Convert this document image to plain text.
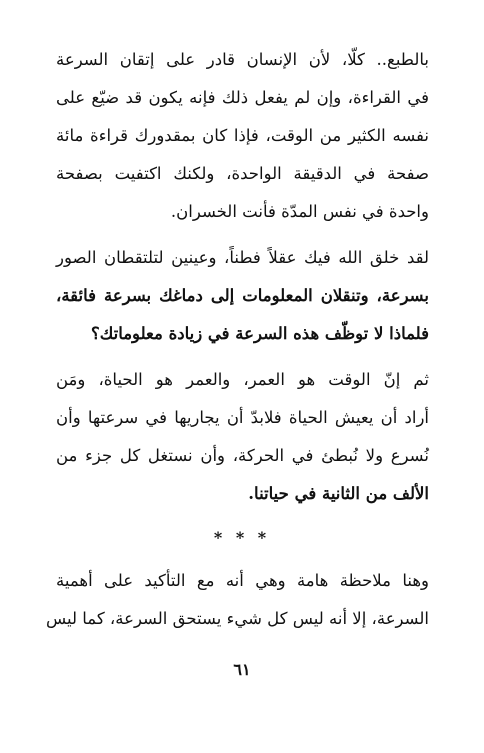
بالطبع.. كلّا، لأن الإنسان قادر على إتقان السرعة
في القراءة، وإن لم يفعل ذلك فإنه يكون قد ضيّع على
نفسه الكثير من الوقت، فإذا كان بمقدورك قراءة مائة
صفحة في الدقيقة الواحدة، ولكنك اكتفيت بصفحة
واحدة في نفس المدّة فأنت الخسران.
لقد خلق الله فيك عقلاً فطناً، وعينين لتلتقطان الصور
بسرعة، وتنقلان المعلومات إلى دماغك بسرعة فائقة،
فلماذا لا توظّف هذه السرعة في زيادة معلوماتك؟
ثم إنّ الوقت هو العمر، والعمر هو الحياة، ومَن
أراد أن يعيش الحياة فلابدّ أن يجاريها في سرعتها وأن
نُسرع ولا نُبطئ في الحركة، وأن نستغل كل جزء من
الألف من الثانية في حياتنا.
* * *
وهنا ملاحظة هامة وهي أنه مع التأكيد على أهمية
السرعة، إلا أنه ليس كل شيء يستحق السرعة، كما ليس
٦١
